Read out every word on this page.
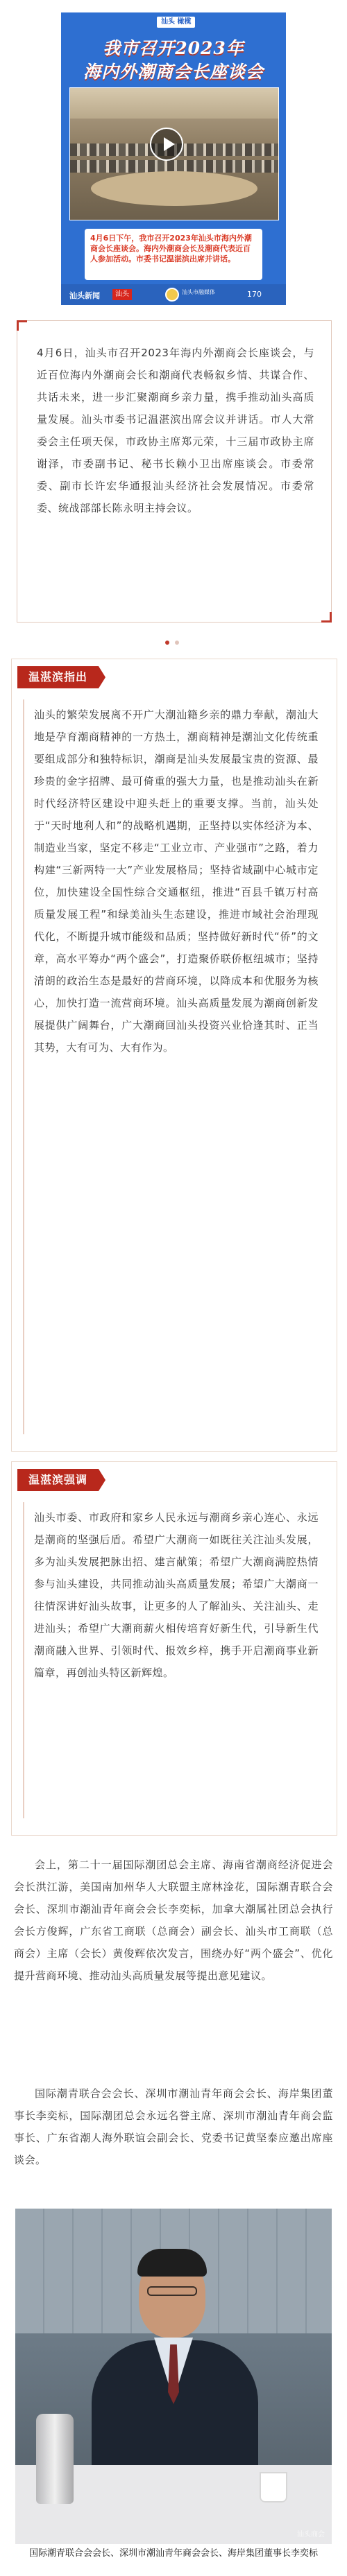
汕头 橄榄
我市召开2023年
海内外潮商会长座谈会
4月6日下午，我市召开2023年汕头市海内外潮商会长座谈会。海内外潮商会长及潮商代表近百人参加活动。市委书记温湛滨出席并讲话。
汕头新闻	汕头	汕头市融媒体	170

4月6日，汕头市召开2023年海内外潮商会长座谈会，与近百位海内外潮商会长和潮商代表畅叙乡情、共谋合作、共话未来，进一步汇聚潮商乡亲力量，携手推动汕头高质量发展。汕头市委书记温湛滨出席会议并讲话。市人大常委会主任项天保，市政协主席郑元荣，十三届市政协主席谢泽，市委副书记、秘书长赖小卫出席座谈会。市委常委、副市长许宏华通报汕头经济社会发展情况。市委常委、统战部部长陈永明主持会议。

温湛滨指出

汕头的繁荣发展离不开广大潮汕籍乡亲的鼎力奉献，潮汕大地是孕育潮商精神的一方热土，潮商精神是潮汕文化传统重要组成部分和独特标识，潮商是汕头发展最宝贵的资源、最珍贵的金字招牌、最可倚重的强大力量，也是推动汕头在新时代经济特区建设中迎头赶上的重要支撑。当前，汕头处于“天时地利人和”的战略机遇期，正坚持以实体经济为本、制造业当家，坚定不移走“工业立市、产业强市”之路，着力构建“三新两特一大”产业发展格局；坚持省域副中心城市定位，加快建设全国性综合交通枢纽，推进“百县千镇万村高质量发展工程”和绿美汕头生态建设，推进市域社会治理现代化，不断提升城市能级和品质；坚持做好新时代“侨”的文章，高水平筹办“两个盛会”，打造聚侨联侨枢纽城市；坚持清朗的政治生态是最好的营商环境，以降成本和优服务为核心，加快打造一流营商环境。汕头高质量发展为潮商创新发展提供广阔舞台，广大潮商回汕头投资兴业恰逢其时、正当其势，大有可为、大有作为。

温湛滨强调

汕头市委、市政府和家乡人民永远与潮商乡亲心连心、永远是潮商的坚强后盾。希望广大潮商一如既往关注汕头发展，多为汕头发展把脉出招、建言献策；希望广大潮商满腔热情参与汕头建设，共同推动汕头高质量发展；希望广大潮商一往情深讲好汕头故事，让更多的人了解汕头、关注汕头、走进汕头；希望广大潮商薪火相传培育好新生代，引导新生代潮商融入世界、引领时代、报效乡梓，携手开启潮商事业新篇章，再创汕头特区新辉煌。

会上，第二十一届国际潮团总会主席、海南省潮商经济促进会会长洪江游，美国南加州华人大联盟主席林淦花，国际潮青联合会会长、深圳市潮汕青年商会会长李奕标，加拿大潮属社团总会执行会长方俊辉，广东省工商联（总商会）副会长、汕头市工商联（总商会）主席（会长）黄俊辉依次发言，围绕办好“两个盛会”、优化提升营商环境、推动汕头高质量发展等提出意见建议。

国际潮青联合会会长、深圳市潮汕青年商会会长、海岸集团董事长李奕标，国际潮团总会永远名誉主席、深圳市潮汕青年商会监事长、广东省潮人海外联谊会副会长、党委书记黄坚泰应邀出席座谈会。

汕头商会
国际潮青联合会会长、深圳市潮汕青年商会会长、海岸集团董事长李奕标
